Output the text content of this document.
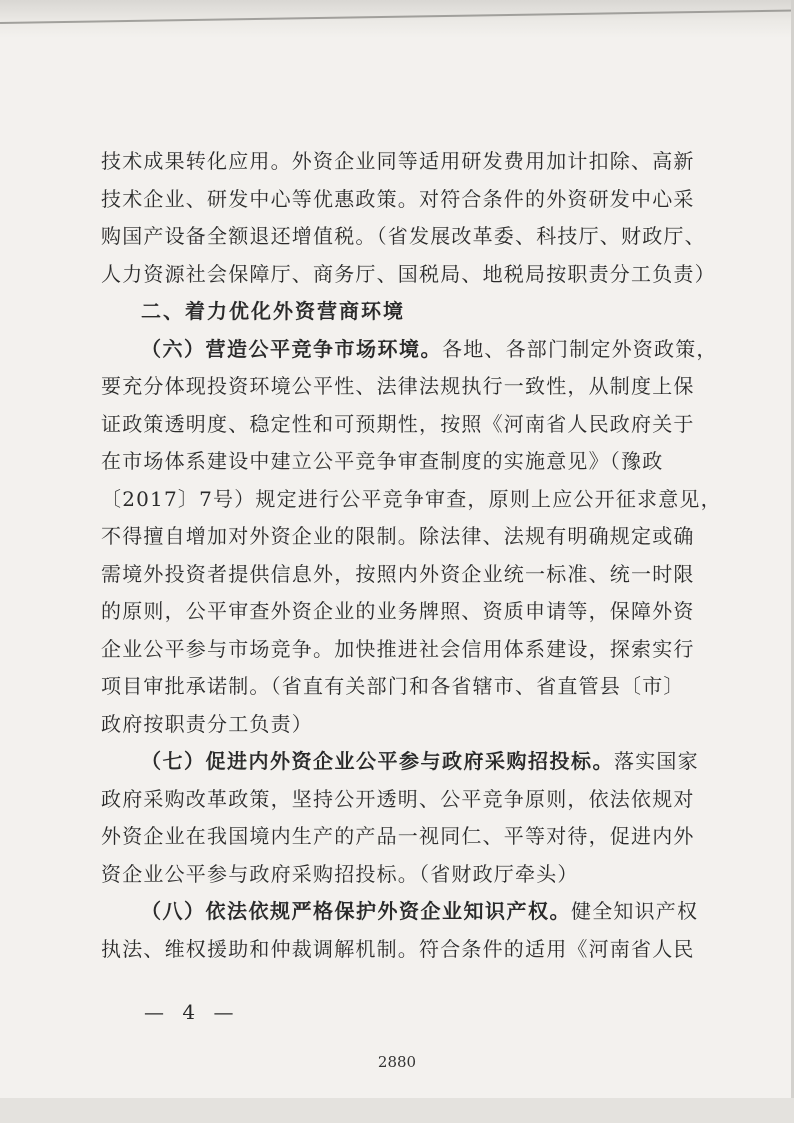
技术成果转化应用。外资企业同等适用研发费用加计扣除、高新
技术企业、研发中心等优惠政策。对符合条件的外资研发中心采
购国产设备全额退还增值税。（省发展改革委、科技厅、财政厅、
人力资源社会保障厅、商务厅、国税局、地税局按职责分工负责）
二、着力优化外资营商环境
（六）营造公平竞争市场环境。各地、各部门制定外资政策，
要充分体现投资环境公平性、法律法规执行一致性，从制度上保
证政策透明度、稳定性和可预期性，按照《河南省人民政府关于
在市场体系建设中建立公平竞争审查制度的实施意见》（豫政
〔2017〕7号）规定进行公平竞争审查，原则上应公开征求意见，
不得擅自增加对外资企业的限制。除法律、法规有明确规定或确
需境外投资者提供信息外，按照内外资企业统一标准、统一时限
的原则，公平审查外资企业的业务牌照、资质申请等，保障外资
企业公平参与市场竞争。加快推进社会信用体系建设，探索实行
项目审批承诺制。（省直有关部门和各省辖市、省直管县〔市〕
政府按职责分工负责）
（七）促进内外资企业公平参与政府采购招投标。落实国家
政府采购改革政策，坚持公开透明、公平竞争原则，依法依规对
外资企业在我国境内生产的产品一视同仁、平等对待，促进内外
资企业公平参与政府采购招投标。（省财政厅牵头）
（八）依法依规严格保护外资企业知识产权。健全知识产权
执法、维权援助和仲裁调解机制。符合条件的适用《河南省人民
— 4 —
2880
